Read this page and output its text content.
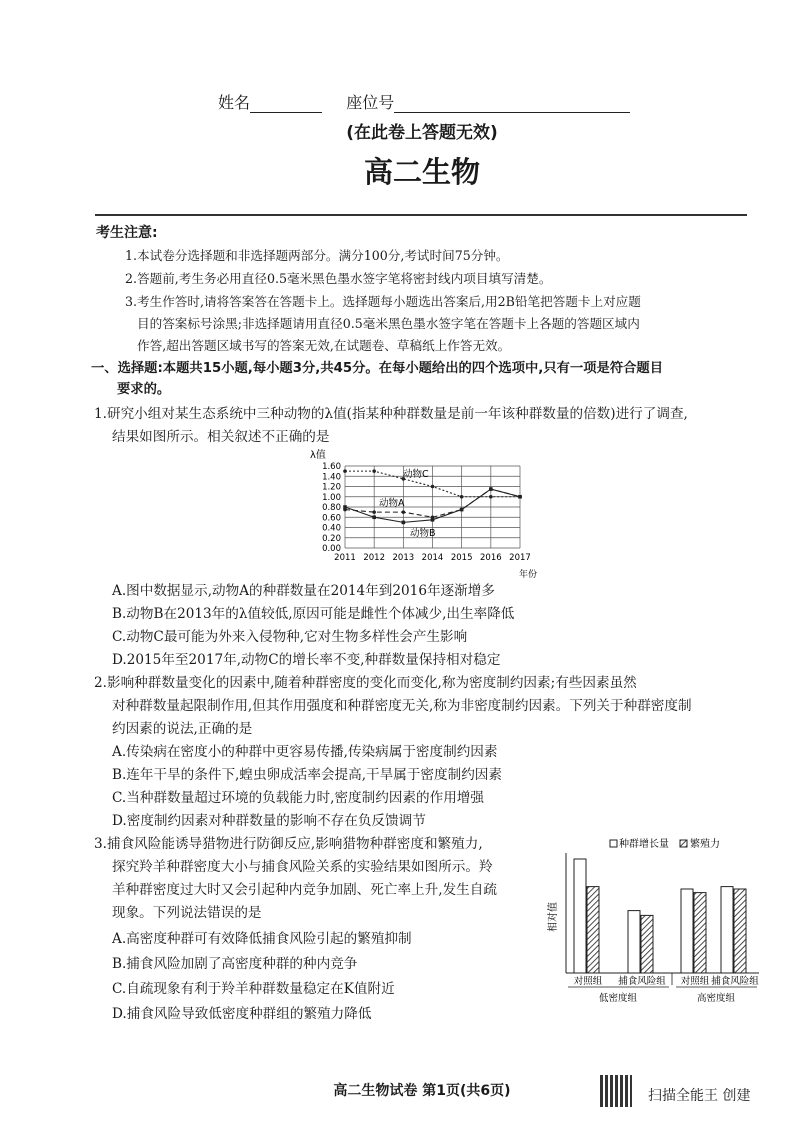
姓名	座位号
(在此卷上答题无效)
高二生物
考生注意:
1.本试卷分选择题和非选择题两部分。满分100分,考试时间75分钟。
2.答题前,考生务必用直径0.5毫米黑色墨水签字笔将密封线内项目填写清楚。
3.考生作答时,请将答案答在答题卡上。选择题每小题选出答案后,用2B铅笔把答题卡上对应题
目的答案标号涂黑;非选择题请用直径0.5毫米黑色墨水签字笔在答题卡上各题的答题区域内
作答,超出答题区域书写的答案无效,在试题卷、草稿纸上作答无效。
一、选择题:本题共15小题,每小题3分,共45分。在每小题给出的四个选项中,只有一项是符合题目
要求的。
1.研究小组对某生态系统中三种动物的λ值(指某种种群数量是前一年该种群数量的倍数)进行了调查,
结果如图所示。相关叙述不正确的是
0.00
0.20
0.40
0.60
0.80
1.00
1.20
1.40
1.60
2011 2012 2013 2014 2015 2016 2017
λ值
年份
动物C
动物A
动物B
A.图中数据显示,动物A的种群数量在2014年到2016年逐渐增多
B.动物B在2013年的λ值较低,原因可能是雌性个体减少,出生率降低
C.动物C最可能为外来入侵物种,它对生物多样性会产生影响
D.2015年至2017年,动物C的增长率不变,种群数量保持相对稳定
2.影响种群数量变化的因素中,随着种群密度的变化而变化,称为密度制约因素;有些因素虽然
对种群数量起限制作用,但其作用强度和种群密度无关,称为非密度制约因素。下列关于种群密度制
约因素的说法,正确的是
A.传染病在密度小的种群中更容易传播,传染病属于密度制约因素
B.连年干旱的条件下,蝗虫卵成活率会提高,干旱属于密度制约因素
C.当种群数量超过环境的负载能力时,密度制约因素的作用增强
D.密度制约因素对种群数量的影响不存在负反馈调节
3.捕食风险能诱导猎物进行防御反应,影响猎物种群密度和繁殖力,
探究羚羊种群密度大小与捕食风险关系的实验结果如图所示。羚
羊种群密度过大时又会引起种内竞争加剧、死亡率上升,发生自疏
现象。下列说法错误的是
A.高密度种群可有效降低捕食风险引起的繁殖抑制
B.捕食风险加剧了高密度种群的种内竞争
C.自疏现象有利于羚羊种群数量稳定在K值附近
D.捕食风险导致低密度种群组的繁殖力降低
种群增长量 繁殖力
相对值
对照组 捕食风险组 对照组 捕食风险组
低密度组	高密度组
高二生物试卷 第1页(共6页)	扫描全能王 创建
